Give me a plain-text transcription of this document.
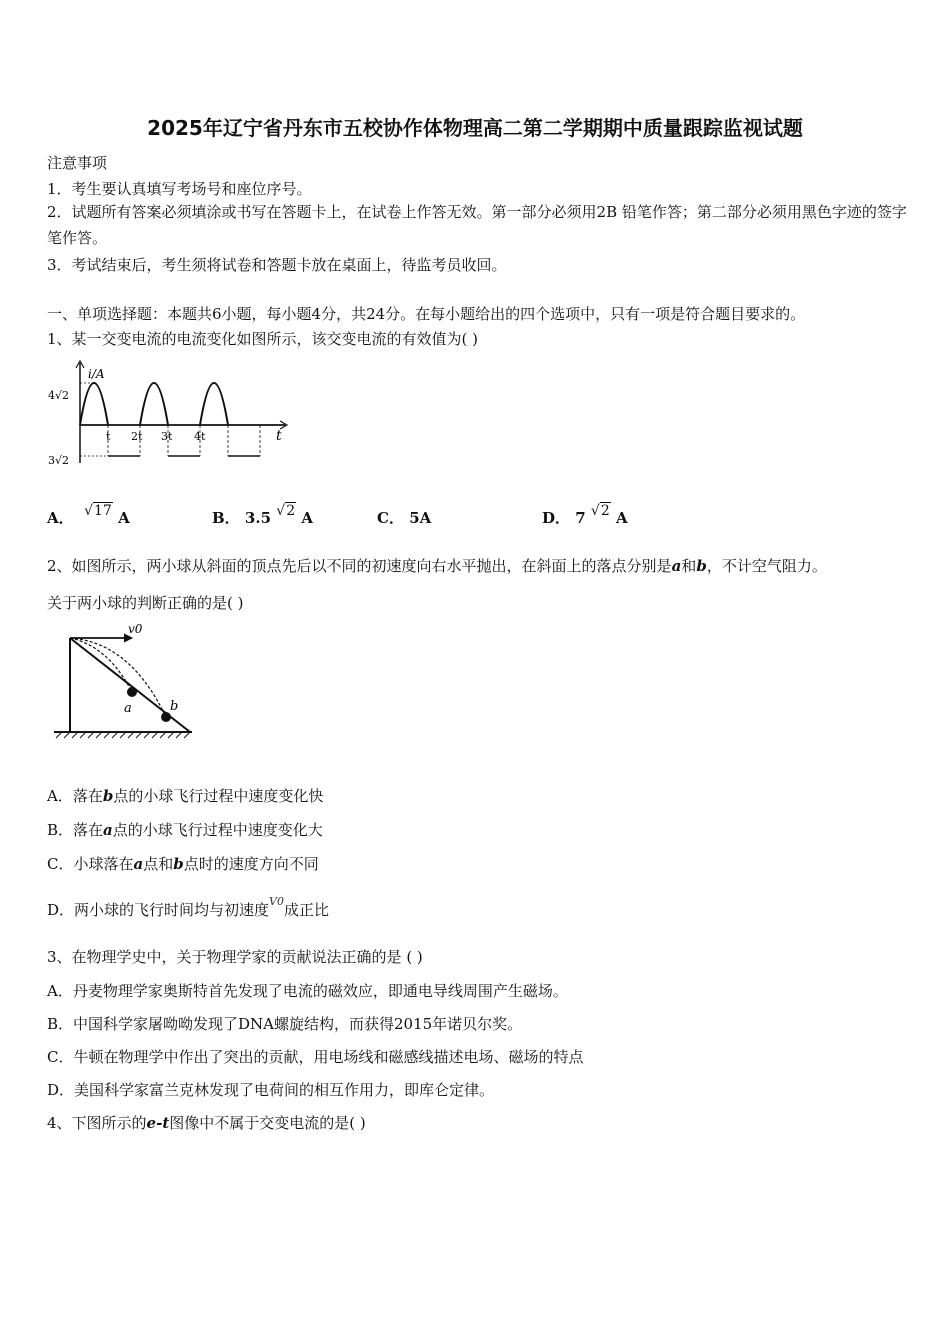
2025年辽宁省丹东市五校协作体物理高二第二学期期中质量跟踪监视试题
注意事项
1．考生要认真填写考场号和座位序号。
2．试题所有答案必须填涂或书写在答题卡上，在试卷上作答无效。第一部分必须用2B 铅笔作答；第二部分必须用黑色字迹的签字笔作答。
3．考试结束后，考生须将试卷和答题卡放在桌面上，待监考员收回。
一、单项选择题：本题共6小题，每小题4分，共24分。在每小题给出的四个选项中，只有一项是符合题目要求的。
1、某一交变电流的电流变化如图所示，该交变电流的有效值为( )
i/A
t
4√2
3√2
t 2t 3t 4t
A． √17 A	B． 3.5 √2 A	C． 5A	D． 7 √2 A
2、如图所示，两小球从斜面的顶点先后以不同的初速度向右水平抛出，在斜面上的落点分别是a和b，不计空气阻力。
关于两小球的判断正确的是( )
v0
a	b
A．落在b点的小球飞行过程中速度变化快
B．落在a点的小球飞行过程中速度变化大
C．小球落在a点和b点时的速度方向不同
D．两小球的飞行时间均与初速度$^{V0}$成正比
3、在物理学史中，关于物理学家的贡献说法正确的是 ( )
A．丹麦物理学家奥斯特首先发现了电流的磁效应，即通电导线周围产生磁场。
B．中国科学家屠呦呦发现了DNA螺旋结构，而获得2015年诺贝尔奖。
C．牛顿在物理学中作出了突出的贡献，用电场线和磁感线描述电场、磁场的特点
D．美国科学家富兰克林发现了电荷间的相互作用力，即库仑定律。
4、下图所示的e-t图像中不属于交变电流的是( )
